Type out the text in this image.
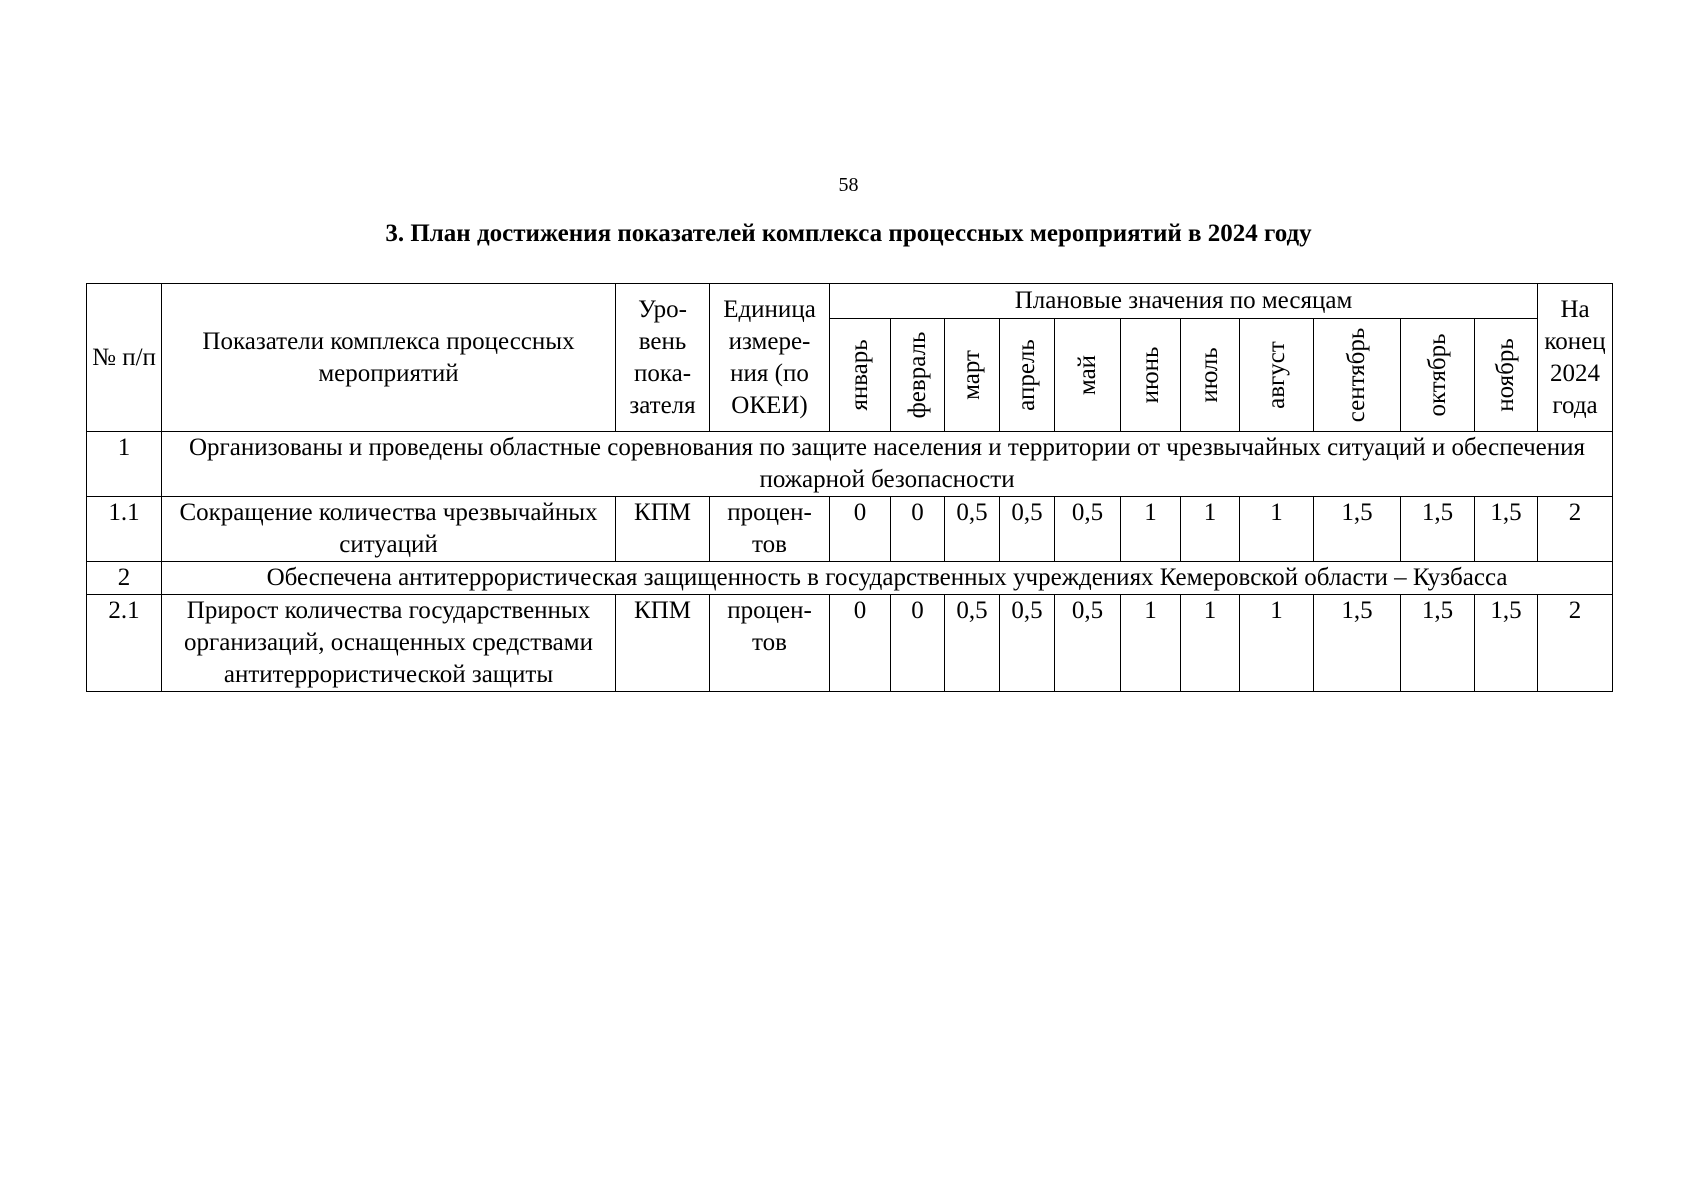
58
3. План достижения показателей комплекса процессных мероприятий в 2024 году
№ п/п	Показатели комплекса процессных мероприятий	Уро-вень пока-зателя	Единица измере-ния (по ОКЕИ)	Плановые значения по месяцам											На конец 2024 года

				январь	февраль	март	апрель	май	июнь	июль	август	сентябрь	октябрь	ноябрь	

1	Организованы и проведены областные соревнования по защите населения и территории от чрезвычайных ситуаций и обеспечения пожарной безопасности														
1.1	Сокращение количества чрезвычайных ситуаций	КПМ	процен-тов	0	0	0,5	0,5	0,5	1	1	1	1,5	1,5	1,5	2
2	Обеспечена антитеррористическая защищенность в государственных учреждениях Кемеровской области – Кузбасса														
2.1	Прирост количества государственных организаций, оснащенных средствами антитеррористической защиты	КПМ	процен-тов	0	0	0,5	0,5	0,5	1	1	1	1,5	1,5	1,5	2
